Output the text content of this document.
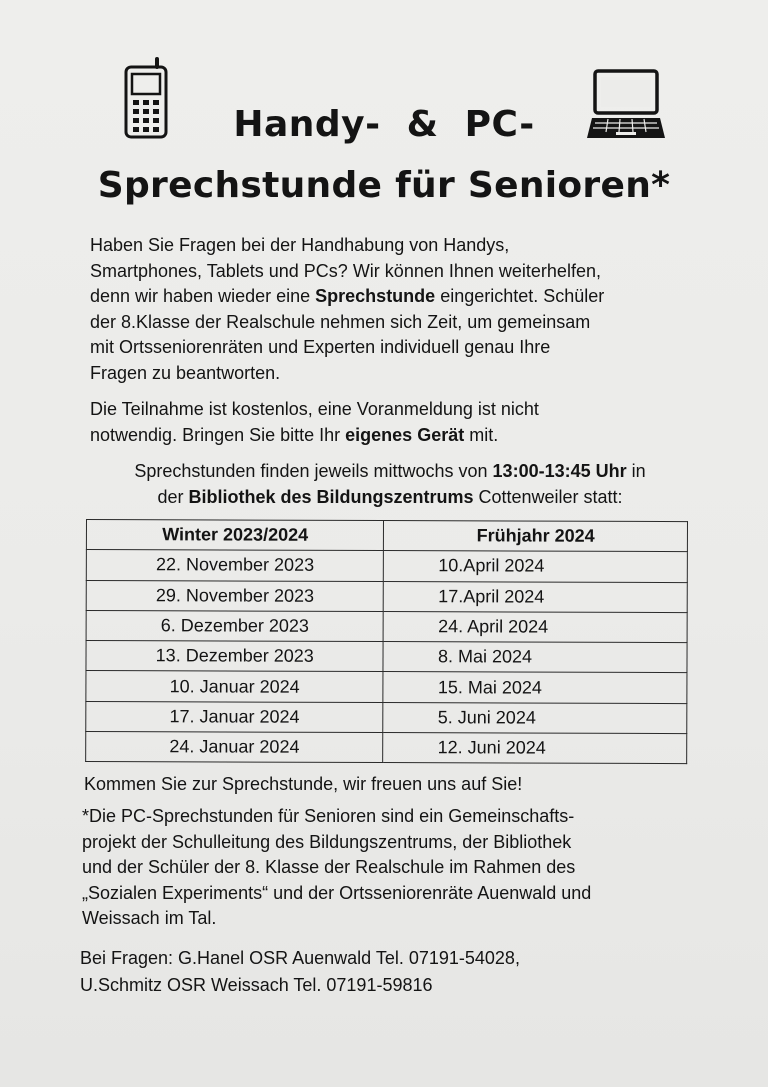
Handy-  &  PC-
Sprechstunde für Senioren*
Haben Sie Fragen bei der Handhabung von Handys,
Smartphones, Tablets und PCs? Wir können Ihnen weiterhelfen,
denn wir haben wieder eine Sprechstunde eingerichtet. Schüler
der 8.Klasse der Realschule nehmen sich Zeit, um gemeinsam
mit Ortsseniorenräten und Experten individuell genau Ihre
Fragen zu beantworten.
Die Teilnahme ist kostenlos, eine Voranmeldung ist nicht
notwendig. Bringen Sie bitte Ihr eigenes Gerät mit.
Sprechstunden finden jeweils mittwochs von 13:00-13:45 Uhr in
der Bibliothek des Bildungszentrums Cottenweiler statt:
Winter 2023/2024	Frühjahr 2024
22. November 2023	10.April 2024
29. November 2023	17.April 2024
6. Dezember 2023	24. April 2024
13. Dezember 2023	8. Mai 2024
10. Januar 2024	15. Mai 2024
17. Januar 2024	5. Juni 2024
24. Januar 2024	12. Juni 2024
Kommen Sie zur Sprechstunde, wir freuen uns auf Sie!
*Die PC-Sprechstunden für Senioren sind ein Gemeinschafts-
projekt der Schulleitung des Bildungszentrums, der Bibliothek
und der Schüler der 8. Klasse der Realschule im Rahmen des
„Sozialen Experiments“ und der Ortsseniorenräte Auenwald und
Weissach im Tal.
Bei Fragen: G.Hanel OSR Auenwald Tel. 07191-54028,
U.Schmitz OSR Weissach Tel. 07191-59816
